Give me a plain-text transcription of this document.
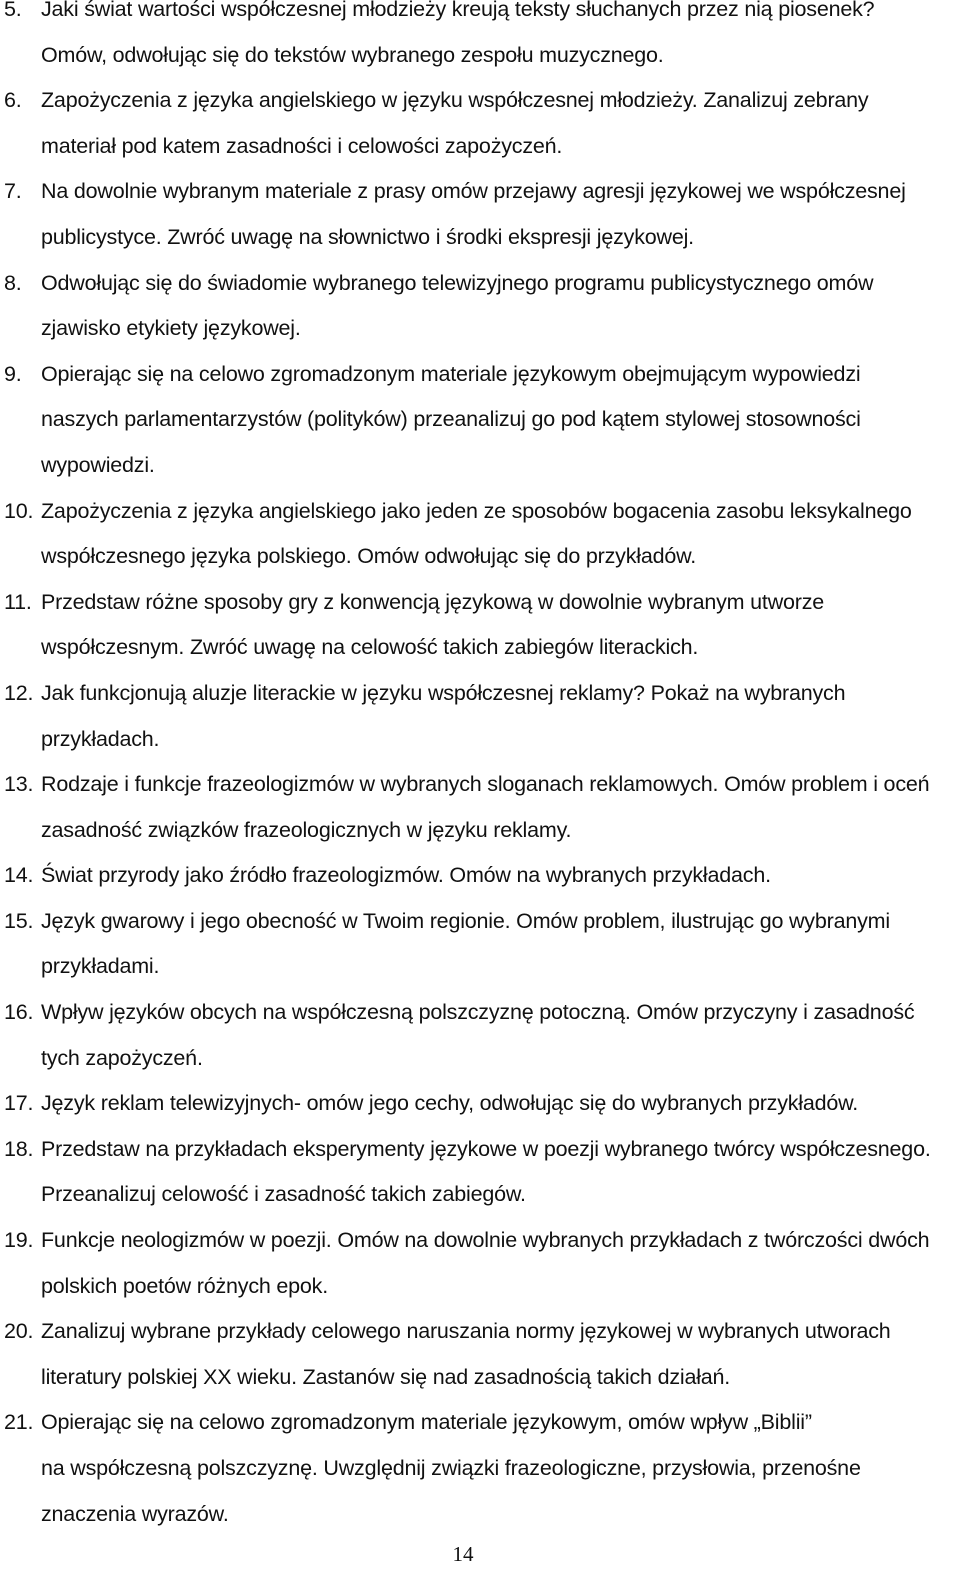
5. Jaki świat wartości współczesnej młodzieży kreują teksty słuchanych przez nią piosenek?
Omów, odwołując się do tekstów wybranego zespołu muzycznego.
6. Zapożyczenia z języka angielskiego w języku współczesnej młodzieży. Zanalizuj zebrany
materiał pod katem zasadności i celowości zapożyczeń.
7. Na dowolnie wybranym materiale z prasy omów przejawy agresji językowej we współczesnej
publicystyce. Zwróć uwagę na słownictwo i środki ekspresji językowej.
8. Odwołując się do świadomie wybranego telewizyjnego programu publicystycznego omów
zjawisko etykiety językowej.
9. Opierając się na celowo zgromadzonym materiale językowym obejmującym wypowiedzi
naszych parlamentarzystów (polityków) przeanalizuj go pod kątem stylowej stosowności
wypowiedzi.
10. Zapożyczenia z języka angielskiego jako jeden ze sposobów bogacenia zasobu leksykalnego
współczesnego języka polskiego. Omów odwołując się do przykładów.
11. Przedstaw różne sposoby gry z konwencją językową w dowolnie wybranym utworze
współczesnym. Zwróć uwagę na celowość takich zabiegów literackich.
12. Jak funkcjonują aluzje literackie w języku współczesnej reklamy? Pokaż na wybranych
przykładach.
13. Rodzaje i funkcje frazeologizmów w wybranych sloganach reklamowych. Omów problem i oceń
zasadność związków frazeologicznych w języku reklamy.
14. Świat przyrody jako źródło frazeologizmów. Omów na wybranych przykładach.
15. Język gwarowy i jego obecność w Twoim regionie. Omów problem, ilustrując go wybranymi
przykładami.
16. Wpływ języków obcych na współczesną polszczyznę potoczną. Omów przyczyny i zasadność
tych zapożyczeń.
17. Język reklam telewizyjnych- omów jego cechy, odwołując się do wybranych przykładów.
18. Przedstaw na przykładach eksperymenty językowe w poezji wybranego twórcy współczesnego.
Przeanalizuj celowość i zasadność takich zabiegów.
19. Funkcje neologizmów w poezji. Omów na dowolnie wybranych przykładach z twórczości dwóch
polskich poetów różnych epok.
20. Zanalizuj wybrane przykłady celowego naruszania normy językowej w wybranych utworach
literatury polskiej XX wieku. Zastanów się nad zasadnością takich działań.
21. Opierając się na celowo zgromadzonym materiale językowym, omów wpływ „Biblii”
na współczesną polszczyznę. Uwzględnij związki frazeologiczne, przysłowia, przenośne
znaczenia wyrazów.
14
